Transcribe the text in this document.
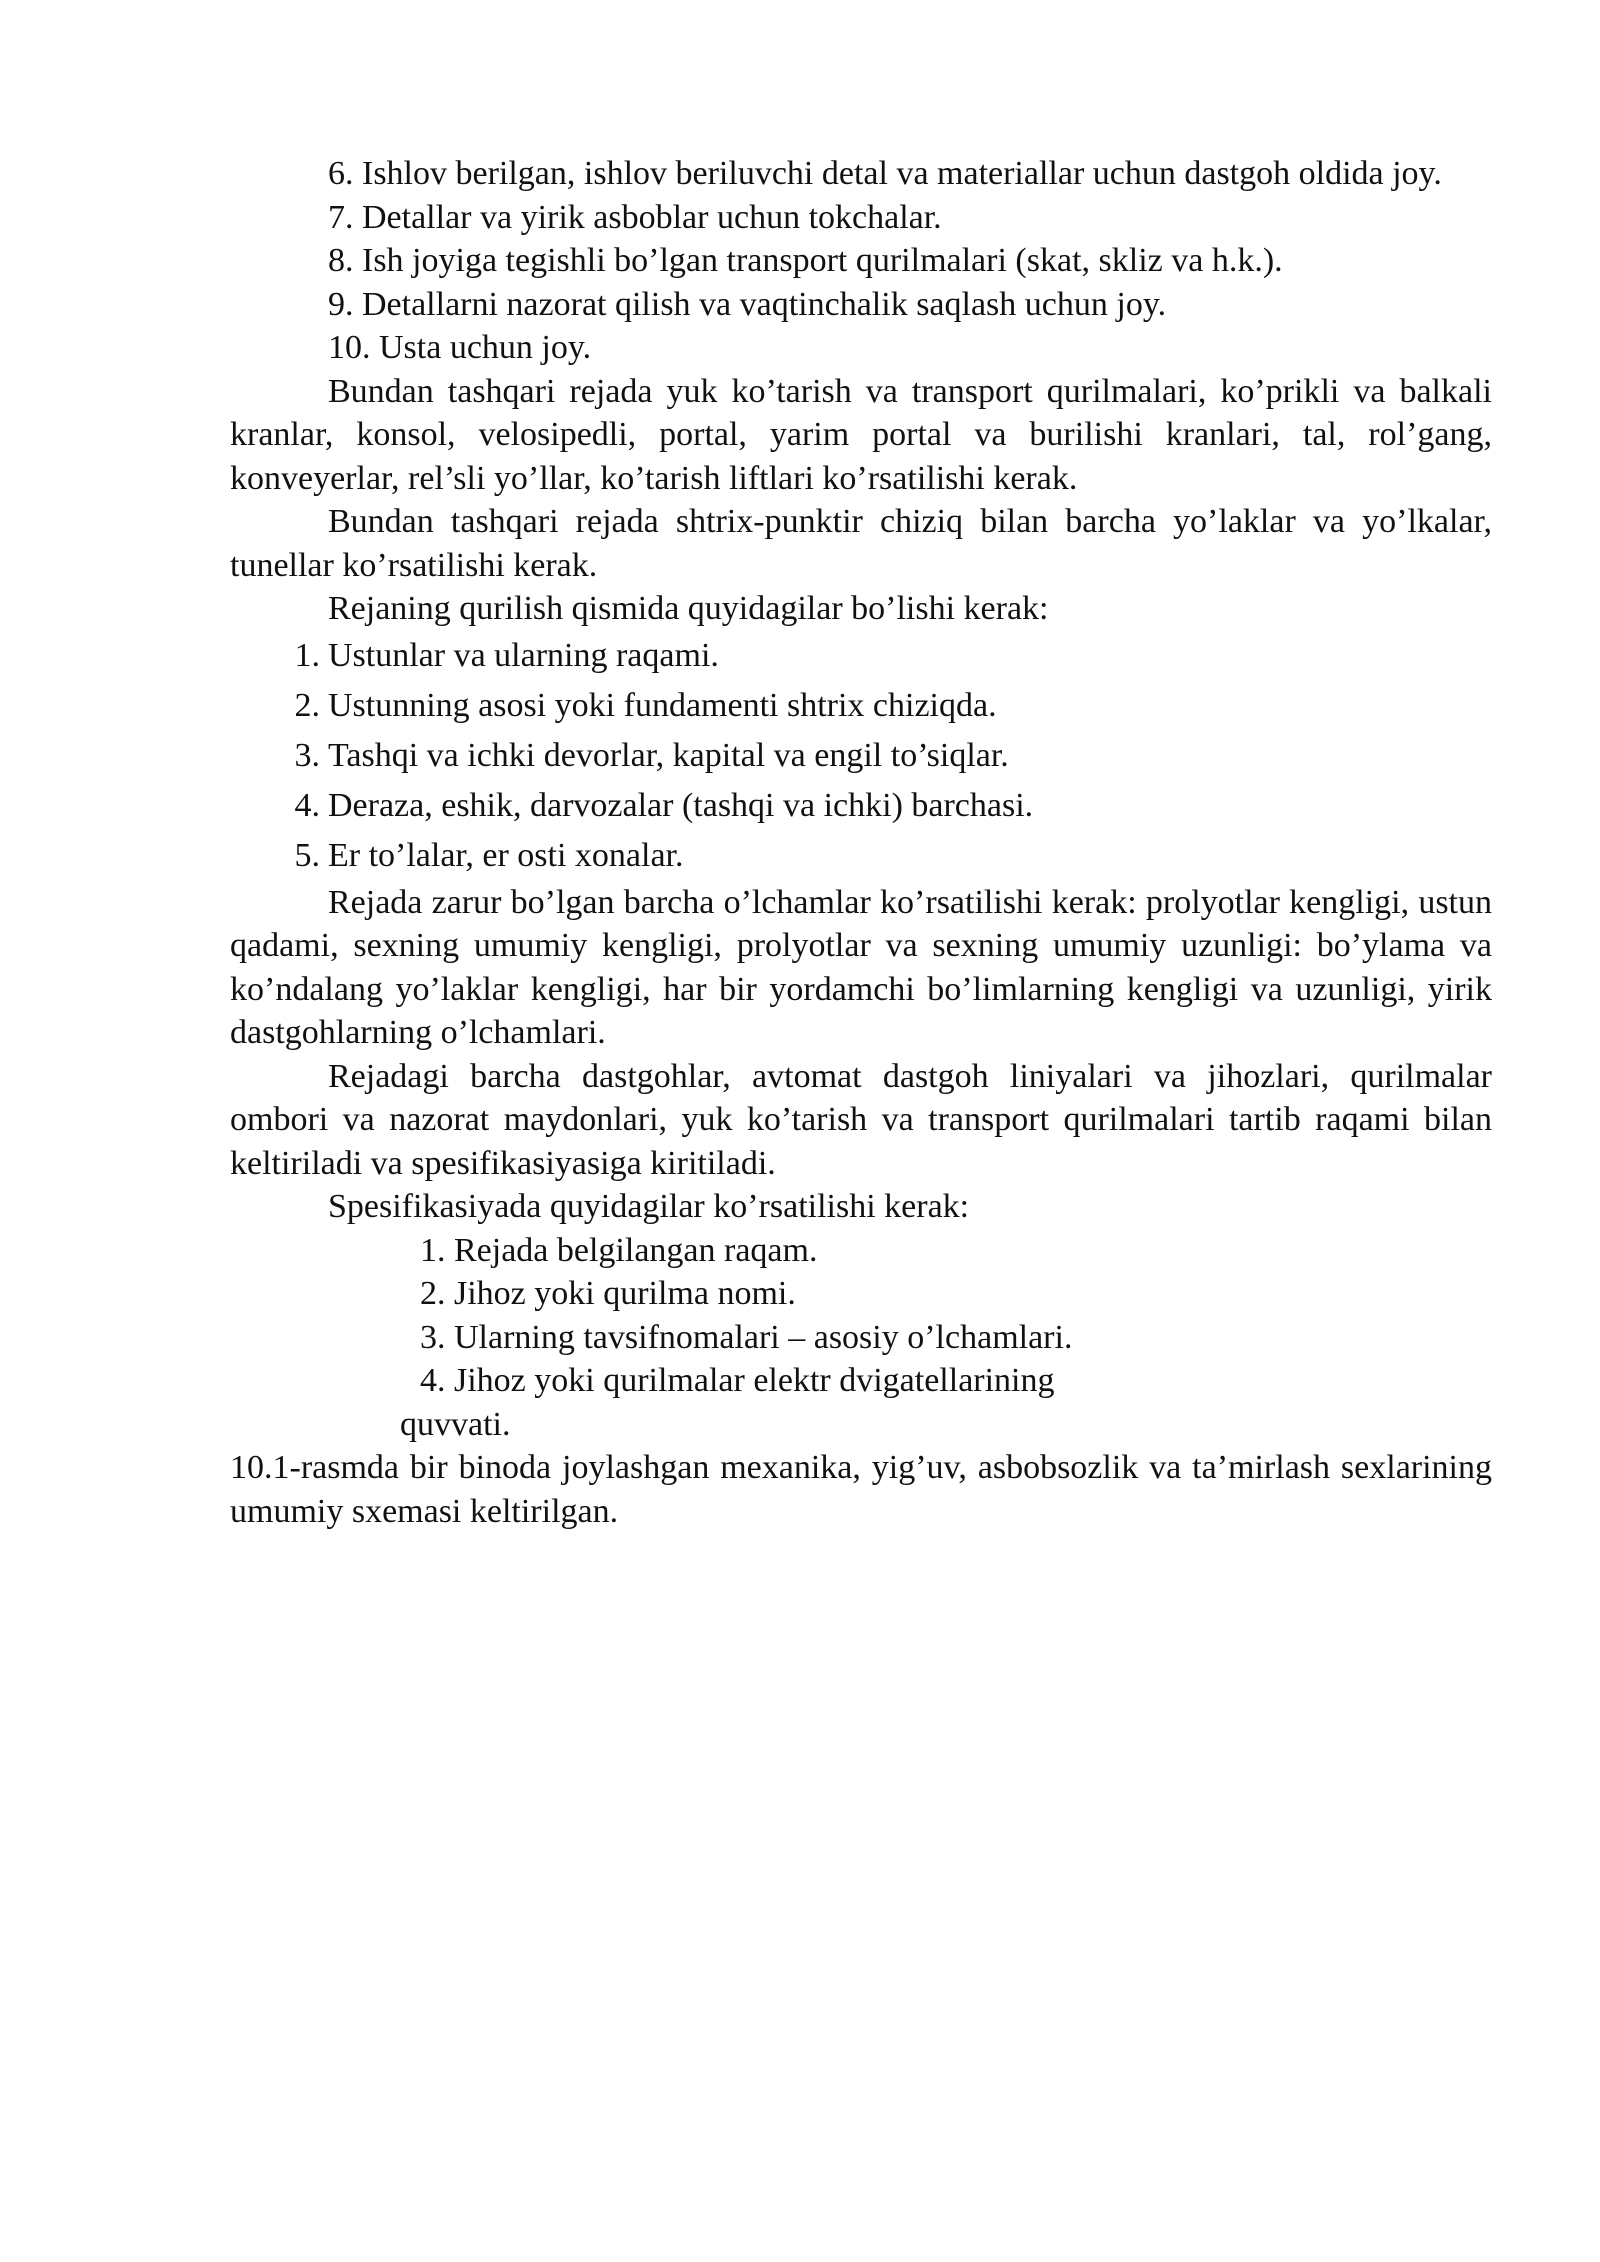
6. Ishlov berilgan, ishlov beriluvchi detal va materiallar uchun dastgoh oldida joy.

7. Detallar va yirik asboblar uchun tokchalar.

8. Ish joyiga tegishli bo’lgan transport qurilmalari (skat, skliz va h.k.).

9. Detallarni nazorat qilish va vaqtinchalik saqlash uchun joy.

10. Usta uchun joy.

Bundan tashqari rejada yuk ko’tarish va transport qurilmalari, ko’prikli va balkali kranlar, konsol, velosipedli, portal, yarim portal va burilishi kranlari, tal, rol’gang, konveyerlar, rel’sli yo’llar, ko’tarish liftlari ko’rsatilishi kerak.

Bundan tashqari rejada shtrix-punktir chiziq bilan barcha yo’laklar va yo’lkalar, tunellar ko’rsatilishi kerak.

Rejaning qurilish qismida quyidagilar bo’lishi kerak:

1. Ustunlar va ularning raqami.
2. Ustunning asosi yoki fundamenti shtrix chiziqda.
3. Tashqi va ichki devorlar, kapital va engil to’siqlar.
4. Deraza, eshik, darvozalar (tashqi va ichki) barchasi.
5. Er to’lalar, er osti xonalar.

Rejada zarur bo’lgan barcha o’lchamlar ko’rsatilishi kerak: prolyotlar kengligi, ustun qadami, sexning umumiy kengligi, prolyotlar va sexning umumiy uzunligi: bo’ylama va ko’ndalang yo’laklar kengligi, har bir yordamchi bo’limlarning kengligi va uzunligi, yirik dastgohlarning o’lchamlari.

Rejadagi barcha dastgohlar, avtomat dastgoh liniyalari va jihozlari, qurilmalar ombori va nazorat maydonlari, yuk ko’tarish va transport qurilmalari tartib raqami bilan keltiriladi va spesifikasiyasiga kiritiladi.

Spesifikasiyada quyidagilar ko’rsatilishi kerak:

1. Rejada belgilangan raqam.
2. Jihoz yoki qurilma nomi.
3. Ularning tavsifnomalari – asosiy o’lchamlari.
4. Jihoz yoki qurilmalar elektr dvigatellarining
quvvati.

10.1-rasmda bir binoda joylashgan mexanika, yig’uv, asbobsozlik va ta’mirlash sexlarining umumiy sxemasi keltirilgan.
